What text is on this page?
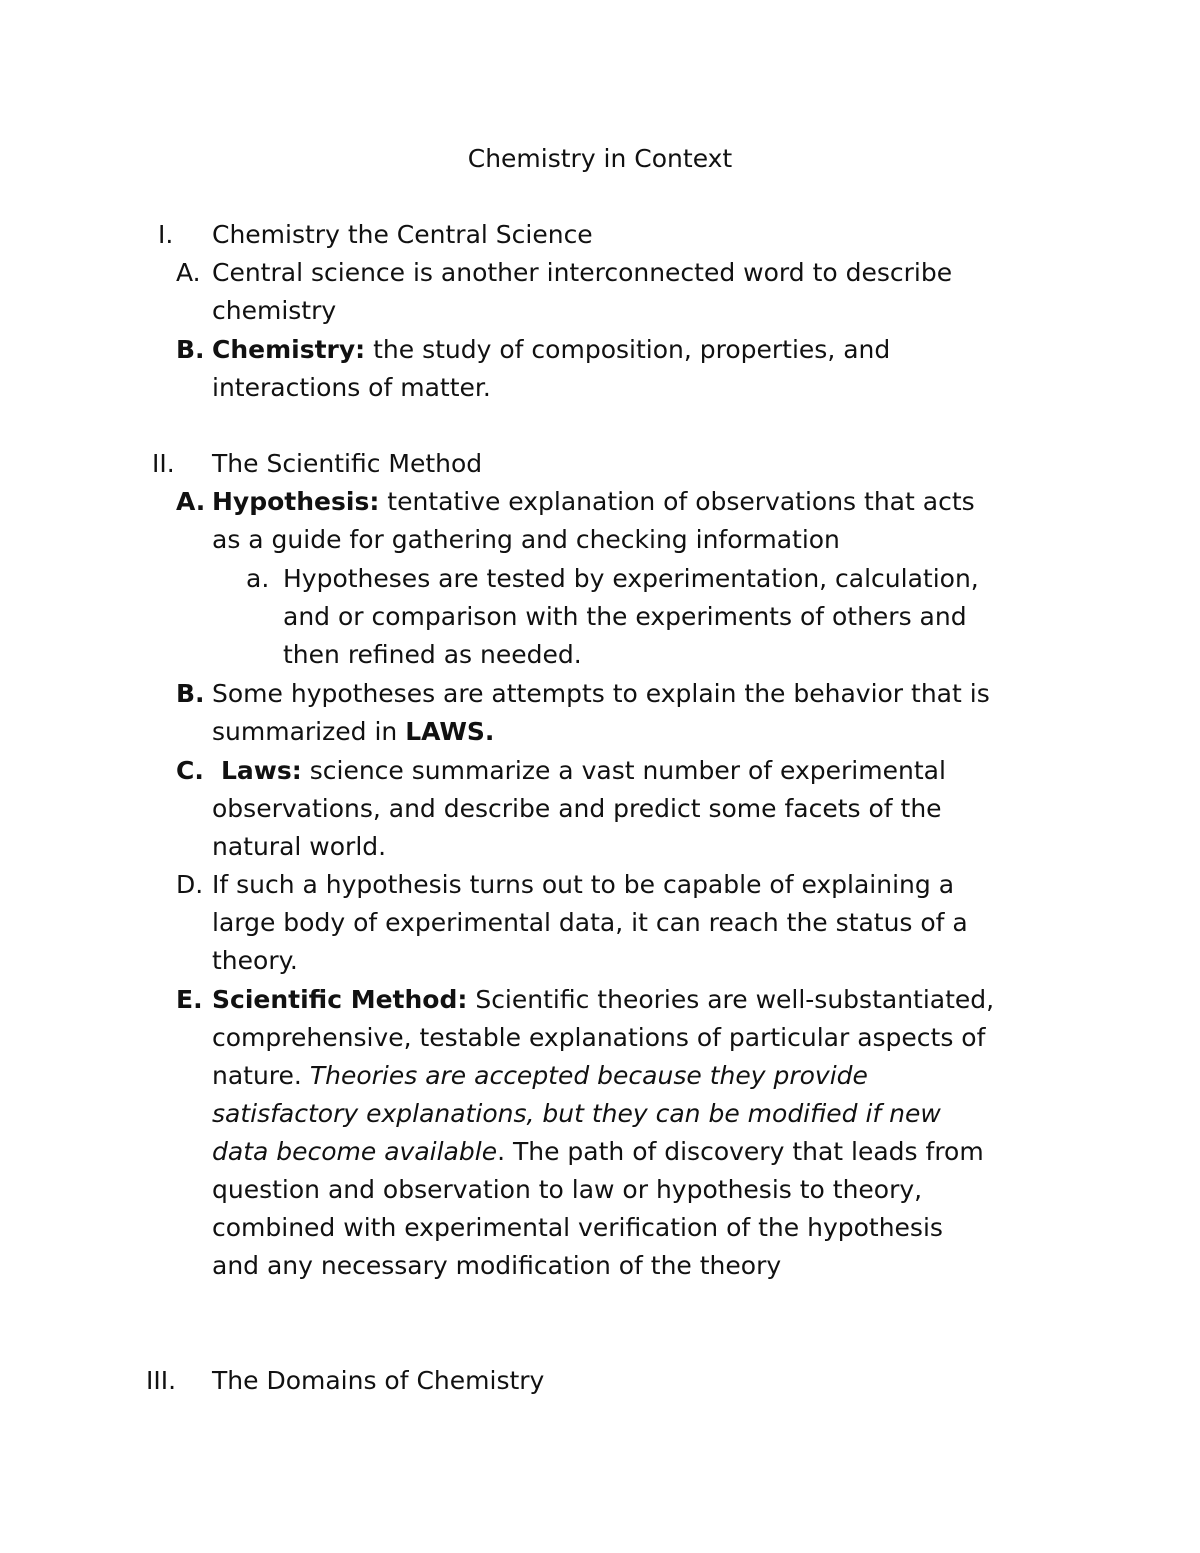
Chemistry in Context
I. Chemistry the Central Science
A. Central science is another interconnected word to describe
chemistry
B. Chemistry: the study of composition, properties, and
interactions of matter.
II. The Scientific Method
A. Hypothesis: tentative explanation of observations that acts
as a guide for gathering and checking information
a. Hypotheses are tested by experimentation, calculation,
and or comparison with the experiments of others and
then refined as needed.
B. Some hypotheses are attempts to explain the behavior that is
summarized in LAWS.
C. Laws: science summarize a vast number of experimental
observations, and describe and predict some facets of the
natural world.
D. If such a hypothesis turns out to be capable of explaining a
large body of experimental data, it can reach the status of a
theory.
E. Scientific Method: Scientific theories are well-substantiated,
comprehensive, testable explanations of particular aspects of
nature. Theories are accepted because they provide
satisfactory explanations, but they can be modified if new
data become available. The path of discovery that leads from
question and observation to law or hypothesis to theory,
combined with experimental verification of the hypothesis
and any necessary modification of the theory
III. The Domains of Chemistry
